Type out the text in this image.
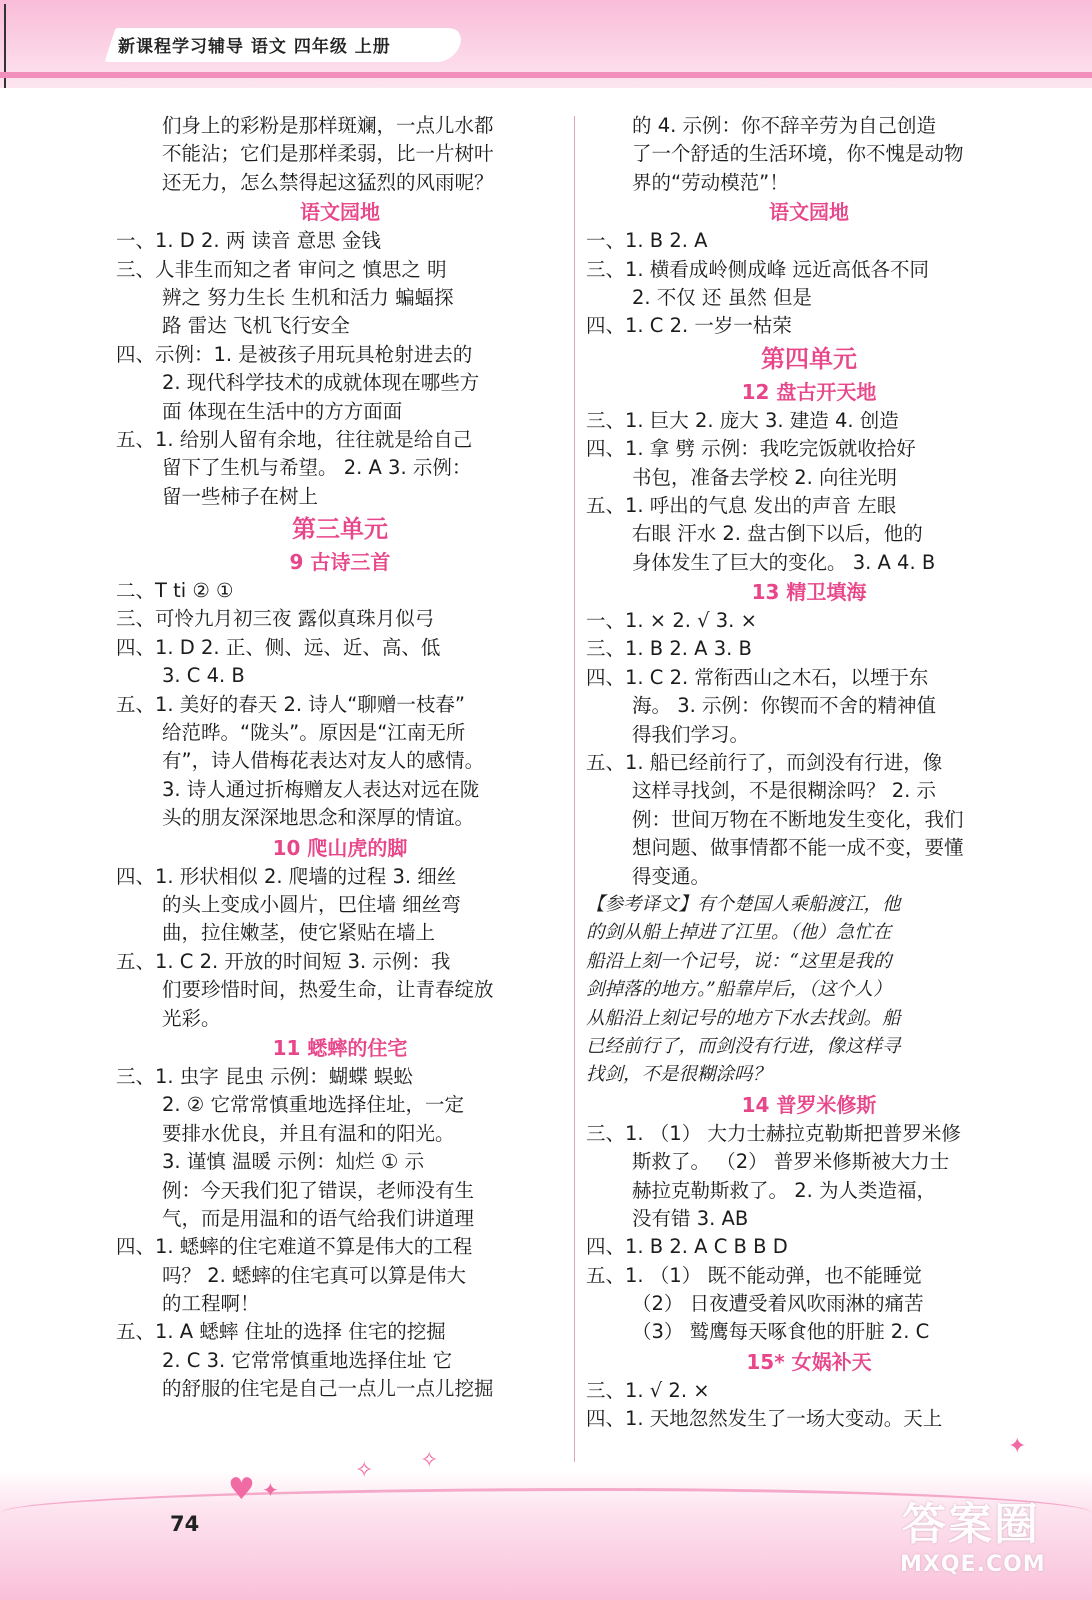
新课程学习辅导 语文 四年级 上册
们身上的彩粉是那样斑斓，一点儿水都
不能沾；它们是那样柔弱，比一片树叶
还无力，怎么禁得起这猛烈的风雨呢？
语文园地
一、1. D 2. 两 读音 意思 金钱
三、人非生而知之者 审问之 慎思之 明
辨之 努力生长 生机和活力 蝙蝠探
路 雷达 飞机飞行安全
四、示例：1. 是被孩子用玩具枪射进去的
2. 现代科学技术的成就体现在哪些方
面 体现在生活中的方方面面
五、1. 给别人留有余地，往往就是给自己
留下了生机与希望。 2. A 3. 示例：
留一些柿子在树上
第三单元
9 古诗三首
二、T ti ② ①
三、可怜九月初三夜 露似真珠月似弓
四、1. D 2. 正、侧、远、近、高、低
3. C 4. B
五、1. 美好的春天 2. 诗人“聊赠一枝春”
给范晔。“陇头”。原因是“江南无所
有”，诗人借梅花表达对友人的感情。
3. 诗人通过折梅赠友人表达对远在陇
头的朋友深深地思念和深厚的情谊。
10 爬山虎的脚
四、1. 形状相似 2. 爬墙的过程 3. 细丝
的头上变成小圆片，巴住墙 细丝弯
曲，拉住嫩茎，使它紧贴在墙上
五、1. C 2. 开放的时间短 3. 示例：我
们要珍惜时间，热爱生命，让青春绽放
光彩。
11 蟋蟀的住宅
三、1. 虫字 昆虫 示例：蝴蝶 蜈蚣
2. ② 它常常慎重地选择住址，一定
要排水优良，并且有温和的阳光。
3. 谨慎 温暖 示例：灿烂 ① 示
例：今天我们犯了错误，老师没有生
气，而是用温和的语气给我们讲道理
四、1. 蟋蟀的住宅难道不算是伟大的工程
吗？ 2. 蟋蟀的住宅真可以算是伟大
的工程啊！
五、1. A 蟋蟀 住址的选择 住宅的挖掘
2. C 3. 它常常慎重地选择住址 它
的舒服的住宅是自己一点儿一点儿挖掘
的 4. 示例：你不辞辛劳为自己创造
了一个舒适的生活环境，你不愧是动物
界的“劳动模范”！
语文园地
一、1. B 2. A
三、1. 横看成岭侧成峰 远近高低各不同
2. 不仅 还 虽然 但是
四、1. C 2. 一岁一枯荣
第四单元
12 盘古开天地
三、1. 巨大 2. 庞大 3. 建造 4. 创造
四、1. 拿 劈 示例：我吃完饭就收拾好
书包，准备去学校 2. 向往光明
五、1. 呼出的气息 发出的声音 左眼
右眼 汗水 2. 盘古倒下以后，他的
身体发生了巨大的变化。 3. A 4. B
13 精卫填海
一、1. × 2. √ 3. ×
三、1. B 2. A 3. B
四、1. C 2. 常衔西山之木石，以堙于东
海。 3. 示例：你锲而不舍的精神值
得我们学习。
五、1. 船已经前行了，而剑没有行进，像
这样寻找剑，不是很糊涂吗？ 2. 示
例：世间万物在不断地发生变化，我们
想问题、做事情都不能一成不变，要懂
得变通。
【参考译文】有个楚国人乘船渡江，他
的剑从船上掉进了江里。（他）急忙在
船沿上刻一个记号，说：“这里是我的
剑掉落的地方。”船靠岸后，（这个人）
从船沿上刻记号的地方下水去找剑。船
已经前行了，而剑没有行进，像这样寻
找剑，不是很糊涂吗？
14 普罗米修斯
三、1. （1） 大力士赫拉克勒斯把普罗米修
斯救了。 （2） 普罗米修斯被大力士
赫拉克勒斯救了。 2. 为人类造福，
没有错 3. AB
四、1. B 2. A C B B D
五、1. （1） 既不能动弹，也不能睡觉
（2） 日夜遭受着风吹雨淋的痛苦
（3） 鹫鹰每天啄食他的肝脏 2. C
15* 女娲补天
三、1. √ 2. ×
四、1. 天地忽然发生了一场大变动。天上
♥ ✦
✧ ✧
✦
74	答案圈
MXQE.COM
